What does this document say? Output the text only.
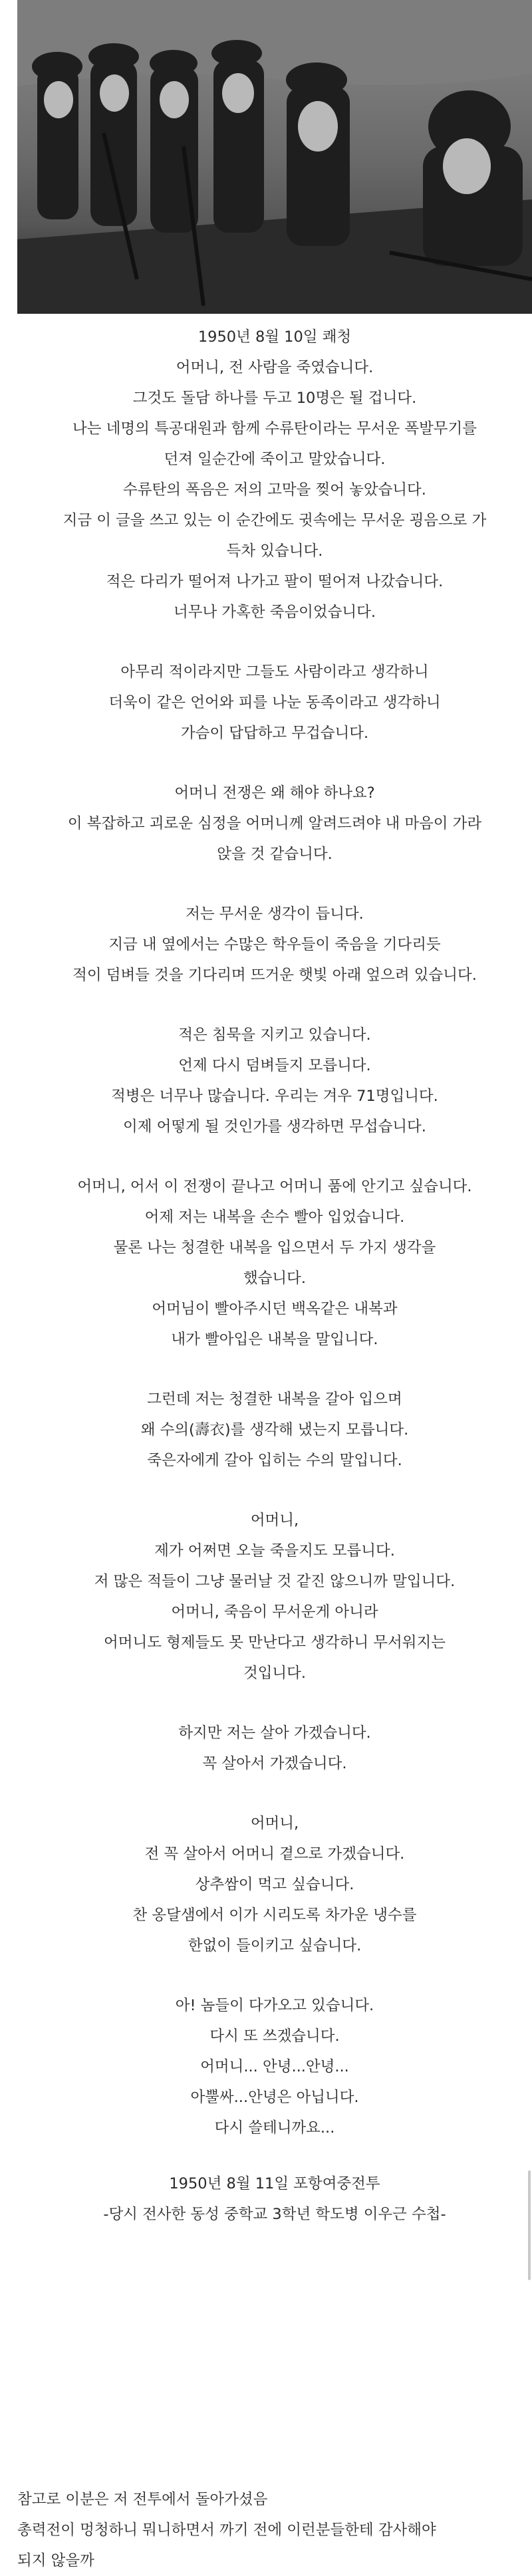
1950년 8월 10일 쾌청
어머니, 전 사람을 죽였습니다.
그것도 돌담 하나를 두고 10명은 될 겁니다.
나는 네명의 특공대원과 함께 수류탄이라는 무서운 폭발무기를
던져 일순간에 죽이고 말았습니다.
수류탄의 폭음은 저의 고막을 찢어 놓았습니다.
지금 이 글을 쓰고 있는 이 순간에도 귓속에는 무서운 굉음으로 가
득차 있습니다.
적은 다리가 떨어져 나가고 팔이 떨어져 나갔습니다.
너무나 가혹한 죽음이었습니다.
아무리 적이라지만 그들도 사람이라고 생각하니
더욱이 같은 언어와 피를 나눈 동족이라고 생각하니
가슴이 답답하고 무겁습니다.
어머니 전쟁은 왜 해야 하나요?
이 복잡하고 괴로운 심정을 어머니께 알려드려야 내 마음이 가라
앉을 것 같습니다.
저는 무서운 생각이 듭니다.
지금 내 옆에서는 수많은 학우들이 죽음을 기다리듯
적이 덤벼들 것을 기다리며 뜨거운 햇빛 아래 엎으려 있습니다.
적은 침묵을 지키고 있습니다.
언제 다시 덤벼들지 모릅니다.
적병은 너무나 많습니다. 우리는 겨우 71명입니다.
이제 어떻게 될 것인가를 생각하면 무섭습니다.
어머니, 어서 이 전쟁이 끝나고 어머니 품에 안기고 싶습니다.
어제 저는 내복을 손수 빨아 입었습니다.
물론 나는 청결한 내복을 입으면서 두 가지 생각을
했습니다.
어머님이 빨아주시던 백옥같은 내복과
내가 빨아입은 내복을 말입니다.
그런데 저는 청결한 내복을 갈아 입으며
왜 수의(壽衣)를 생각해 냈는지 모릅니다.
죽은자에게 갈아 입히는 수의 말입니다.
어머니,
제가 어쩌면 오늘 죽을지도 모릅니다.
저 많은 적들이 그냥 물러날 것 같진 않으니까 말입니다.
어머니, 죽음이 무서운게 아니라
어머니도 형제들도 못 만난다고 생각하니 무서워지는
것입니다.
하지만 저는 살아 가겠습니다.
꼭 살아서 가겠습니다.
어머니,
전 꼭 살아서 어머니 곁으로 가겠습니다.
상추쌈이 먹고 싶습니다.
찬 옹달샘에서 이가 시리도록 차가운 냉수를
한없이 들이키고 싶습니다.
아! 놈들이 다가오고 있습니다.
다시 또 쓰겠습니다.
어머니... 안녕...안녕...
아뿔싸...안녕은 아닙니다.
다시 쓸테니까요...
1950년 8월 11일 포항여중전투
-당시 전사한 동성 중학교 3학년 학도병 이우근 수첩-
참고로 이분은 저 전투에서 돌아가셨음
총력전이 멍청하니 뭐니하면서 까기 전에 이런분들한테 감사해야
되지 않을까
